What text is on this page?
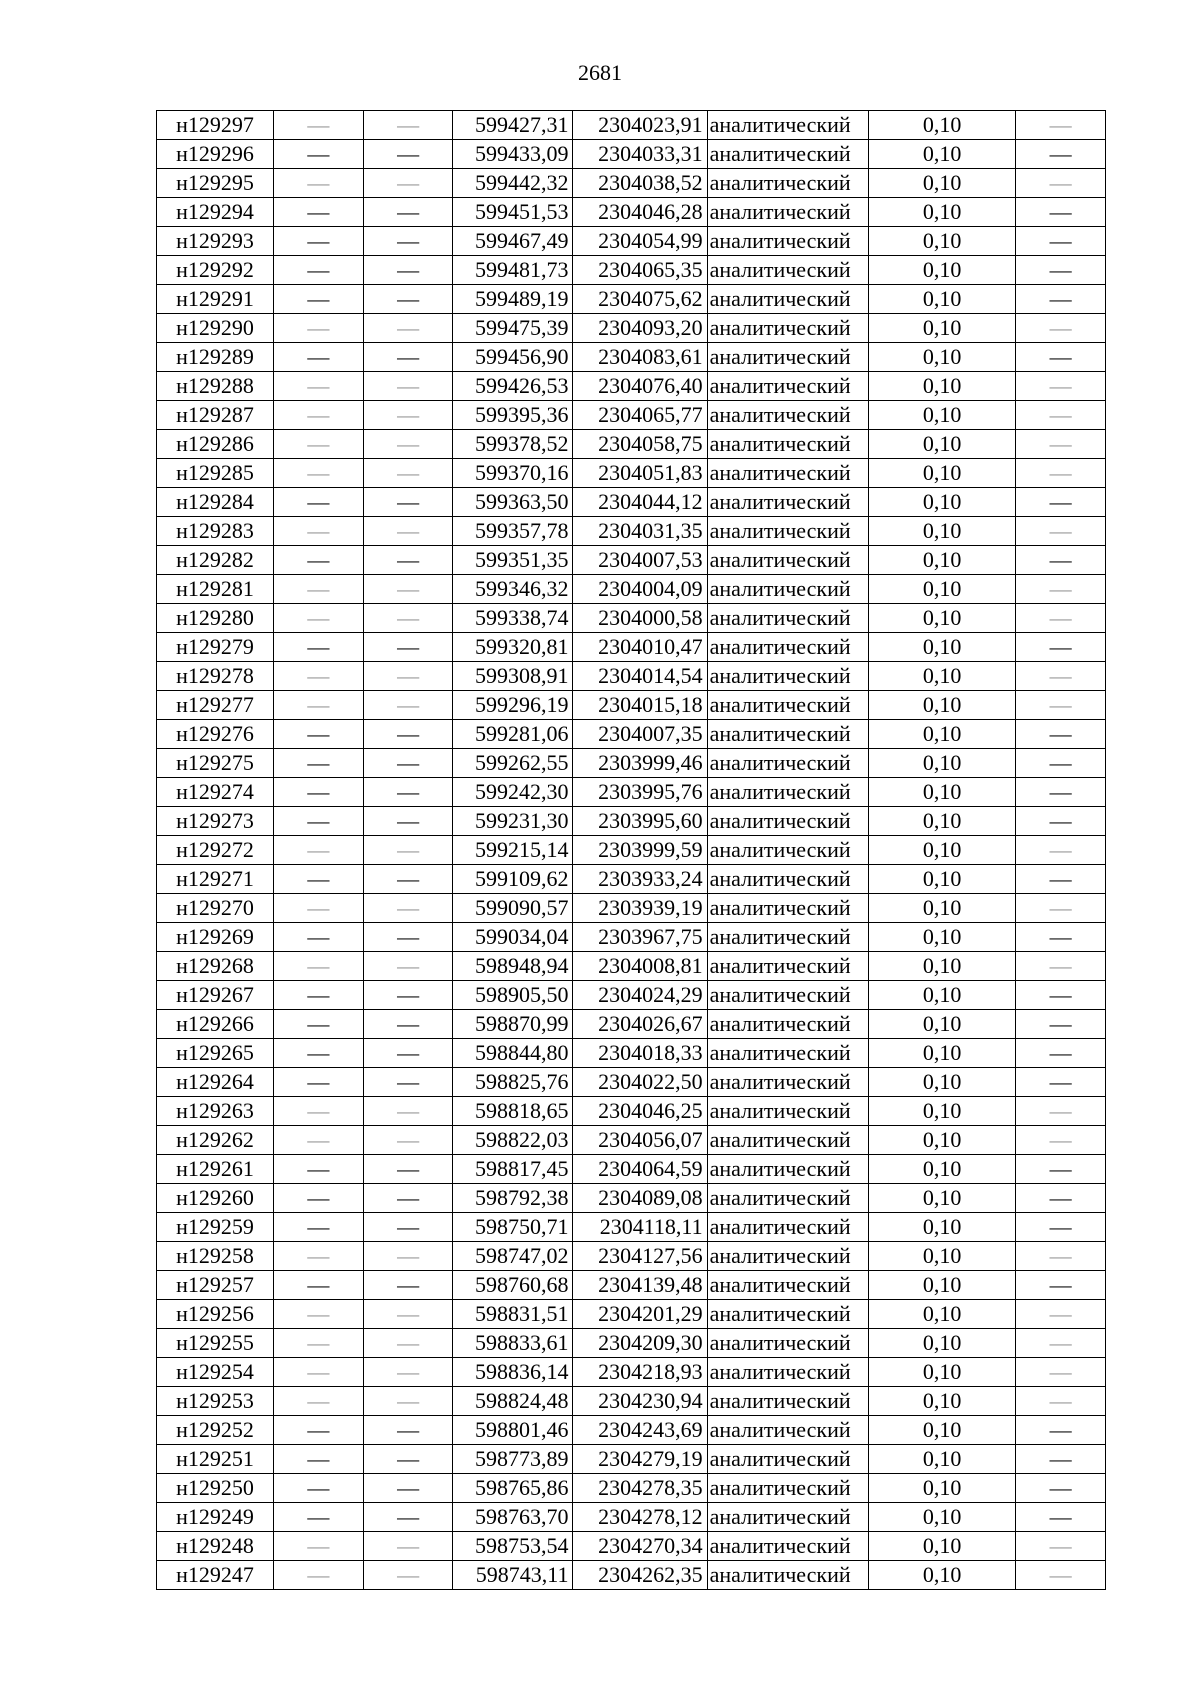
2681
н129297	—	—	599427,31	2304023,91	аналитический	0,10	—
н129296	—	—	599433,09	2304033,31	аналитический	0,10	—
н129295	—	—	599442,32	2304038,52	аналитический	0,10	—
н129294	—	—	599451,53	2304046,28	аналитический	0,10	—
н129293	—	—	599467,49	2304054,99	аналитический	0,10	—
н129292	—	—	599481,73	2304065,35	аналитический	0,10	—
н129291	—	—	599489,19	2304075,62	аналитический	0,10	—
н129290	—	—	599475,39	2304093,20	аналитический	0,10	—
н129289	—	—	599456,90	2304083,61	аналитический	0,10	—
н129288	—	—	599426,53	2304076,40	аналитический	0,10	—
н129287	—	—	599395,36	2304065,77	аналитический	0,10	—
н129286	—	—	599378,52	2304058,75	аналитический	0,10	—
н129285	—	—	599370,16	2304051,83	аналитический	0,10	—
н129284	—	—	599363,50	2304044,12	аналитический	0,10	—
н129283	—	—	599357,78	2304031,35	аналитический	0,10	—
н129282	—	—	599351,35	2304007,53	аналитический	0,10	—
н129281	—	—	599346,32	2304004,09	аналитический	0,10	—
н129280	—	—	599338,74	2304000,58	аналитический	0,10	—
н129279	—	—	599320,81	2304010,47	аналитический	0,10	—
н129278	—	—	599308,91	2304014,54	аналитический	0,10	—
н129277	—	—	599296,19	2304015,18	аналитический	0,10	—
н129276	—	—	599281,06	2304007,35	аналитический	0,10	—
н129275	—	—	599262,55	2303999,46	аналитический	0,10	—
н129274	—	—	599242,30	2303995,76	аналитический	0,10	—
н129273	—	—	599231,30	2303995,60	аналитический	0,10	—
н129272	—	—	599215,14	2303999,59	аналитический	0,10	—
н129271	—	—	599109,62	2303933,24	аналитический	0,10	—
н129270	—	—	599090,57	2303939,19	аналитический	0,10	—
н129269	—	—	599034,04	2303967,75	аналитический	0,10	—
н129268	—	—	598948,94	2304008,81	аналитический	0,10	—
н129267	—	—	598905,50	2304024,29	аналитический	0,10	—
н129266	—	—	598870,99	2304026,67	аналитический	0,10	—
н129265	—	—	598844,80	2304018,33	аналитический	0,10	—
н129264	—	—	598825,76	2304022,50	аналитический	0,10	—
н129263	—	—	598818,65	2304046,25	аналитический	0,10	—
н129262	—	—	598822,03	2304056,07	аналитический	0,10	—
н129261	—	—	598817,45	2304064,59	аналитический	0,10	—
н129260	—	—	598792,38	2304089,08	аналитический	0,10	—
н129259	—	—	598750,71	2304118,11	аналитический	0,10	—
н129258	—	—	598747,02	2304127,56	аналитический	0,10	—
н129257	—	—	598760,68	2304139,48	аналитический	0,10	—
н129256	—	—	598831,51	2304201,29	аналитический	0,10	—
н129255	—	—	598833,61	2304209,30	аналитический	0,10	—
н129254	—	—	598836,14	2304218,93	аналитический	0,10	—
н129253	—	—	598824,48	2304230,94	аналитический	0,10	—
н129252	—	—	598801,46	2304243,69	аналитический	0,10	—
н129251	—	—	598773,89	2304279,19	аналитический	0,10	—
н129250	—	—	598765,86	2304278,35	аналитический	0,10	—
н129249	—	—	598763,70	2304278,12	аналитический	0,10	—
н129248	—	—	598753,54	2304270,34	аналитический	0,10	—
н129247	—	—	598743,11	2304262,35	аналитический	0,10	—
